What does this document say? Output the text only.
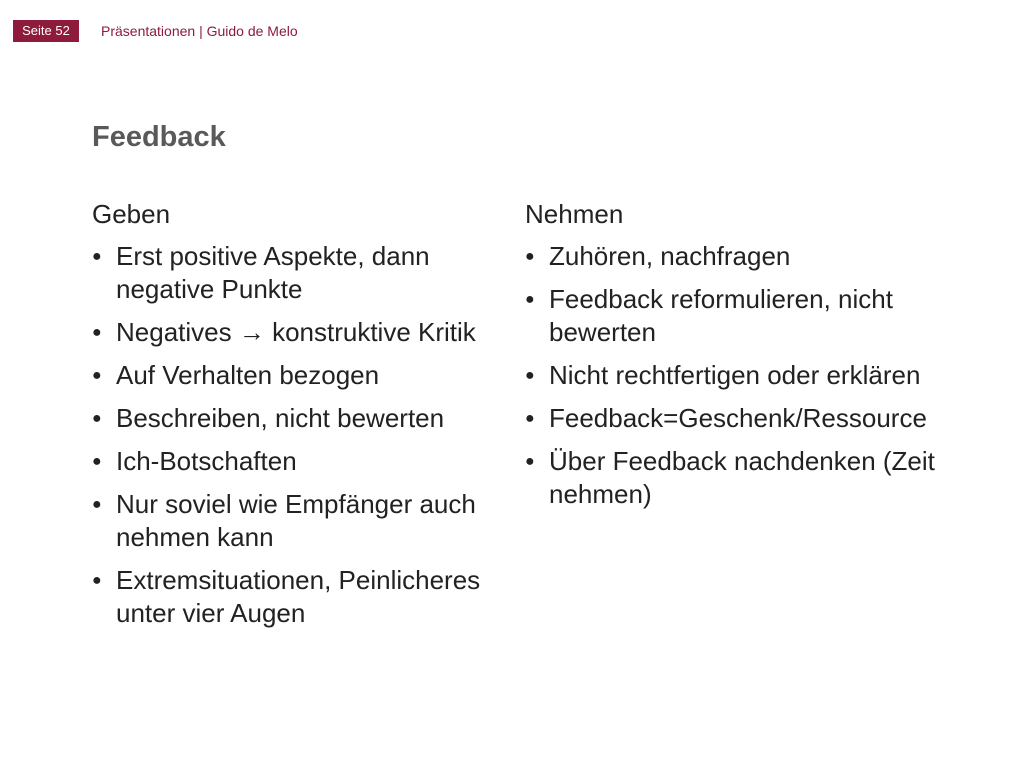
Seite 52	Präsentationen | Guido de Melo
Feedback
Geben
● Erst positive Aspekte, dann negative Punkte
● Negatives → konstruktive Kritik
● Auf Verhalten bezogen
● Beschreiben, nicht bewerten
● Ich-Botschaften
● Nur soviel wie Empfänger auch nehmen kann
● Extremsituationen, Peinlicheres unter vier Augen
Nehmen
● Zuhören, nachfragen
● Feedback reformulieren, nicht bewerten
● Nicht rechtfertigen oder erklären
● Feedback=Geschenk/Ressource
● Über Feedback nachdenken (Zeit nehmen)
